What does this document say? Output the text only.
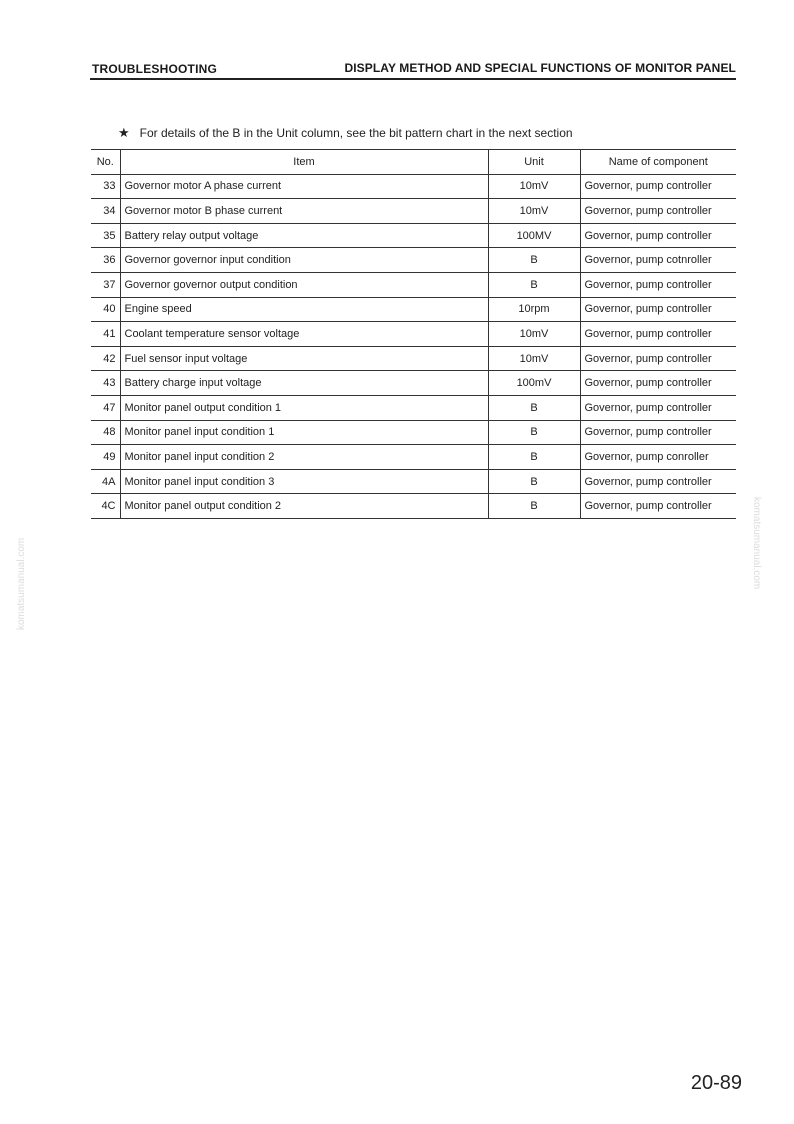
TROUBLESHOOTING	DISPLAY METHOD AND SPECIAL FUNCTIONS OF MONITOR PANEL
★ For details of the B in the Unit column, see the bit pattern chart in the next section
No.	Item	Unit	Name of component
33	Governor motor A phase current	10mV	Governor, pump controller
34	Governor motor B phase current	10mV	Governor, pump controller
35	Battery relay output voltage	100MV	Governor, pump controller
36	Governor governor input condition	B	Governor, pump cotnroller
37	Governor governor output condition	B	Governor, pump controller
40	Engine speed	10rpm	Governor, pump controller
41	Coolant temperature sensor voltage	10mV	Governor, pump controller
42	Fuel sensor input voltage	10mV	Governor, pump controller
43	Battery charge input voltage	100mV	Governor, pump controller
47	Monitor panel output condition 1	B	Governor, pump controller
48	Monitor panel input condition 1	B	Governor, pump controller
49	Monitor panel input condition 2	B	Governor, pump conroller
4A	Monitor panel input condition 3	B	Governor, pump controller
4C	Monitor panel output condition 2	B	Governor, pump controller
komatsumanual.com	komatsumanual.com
20-89
